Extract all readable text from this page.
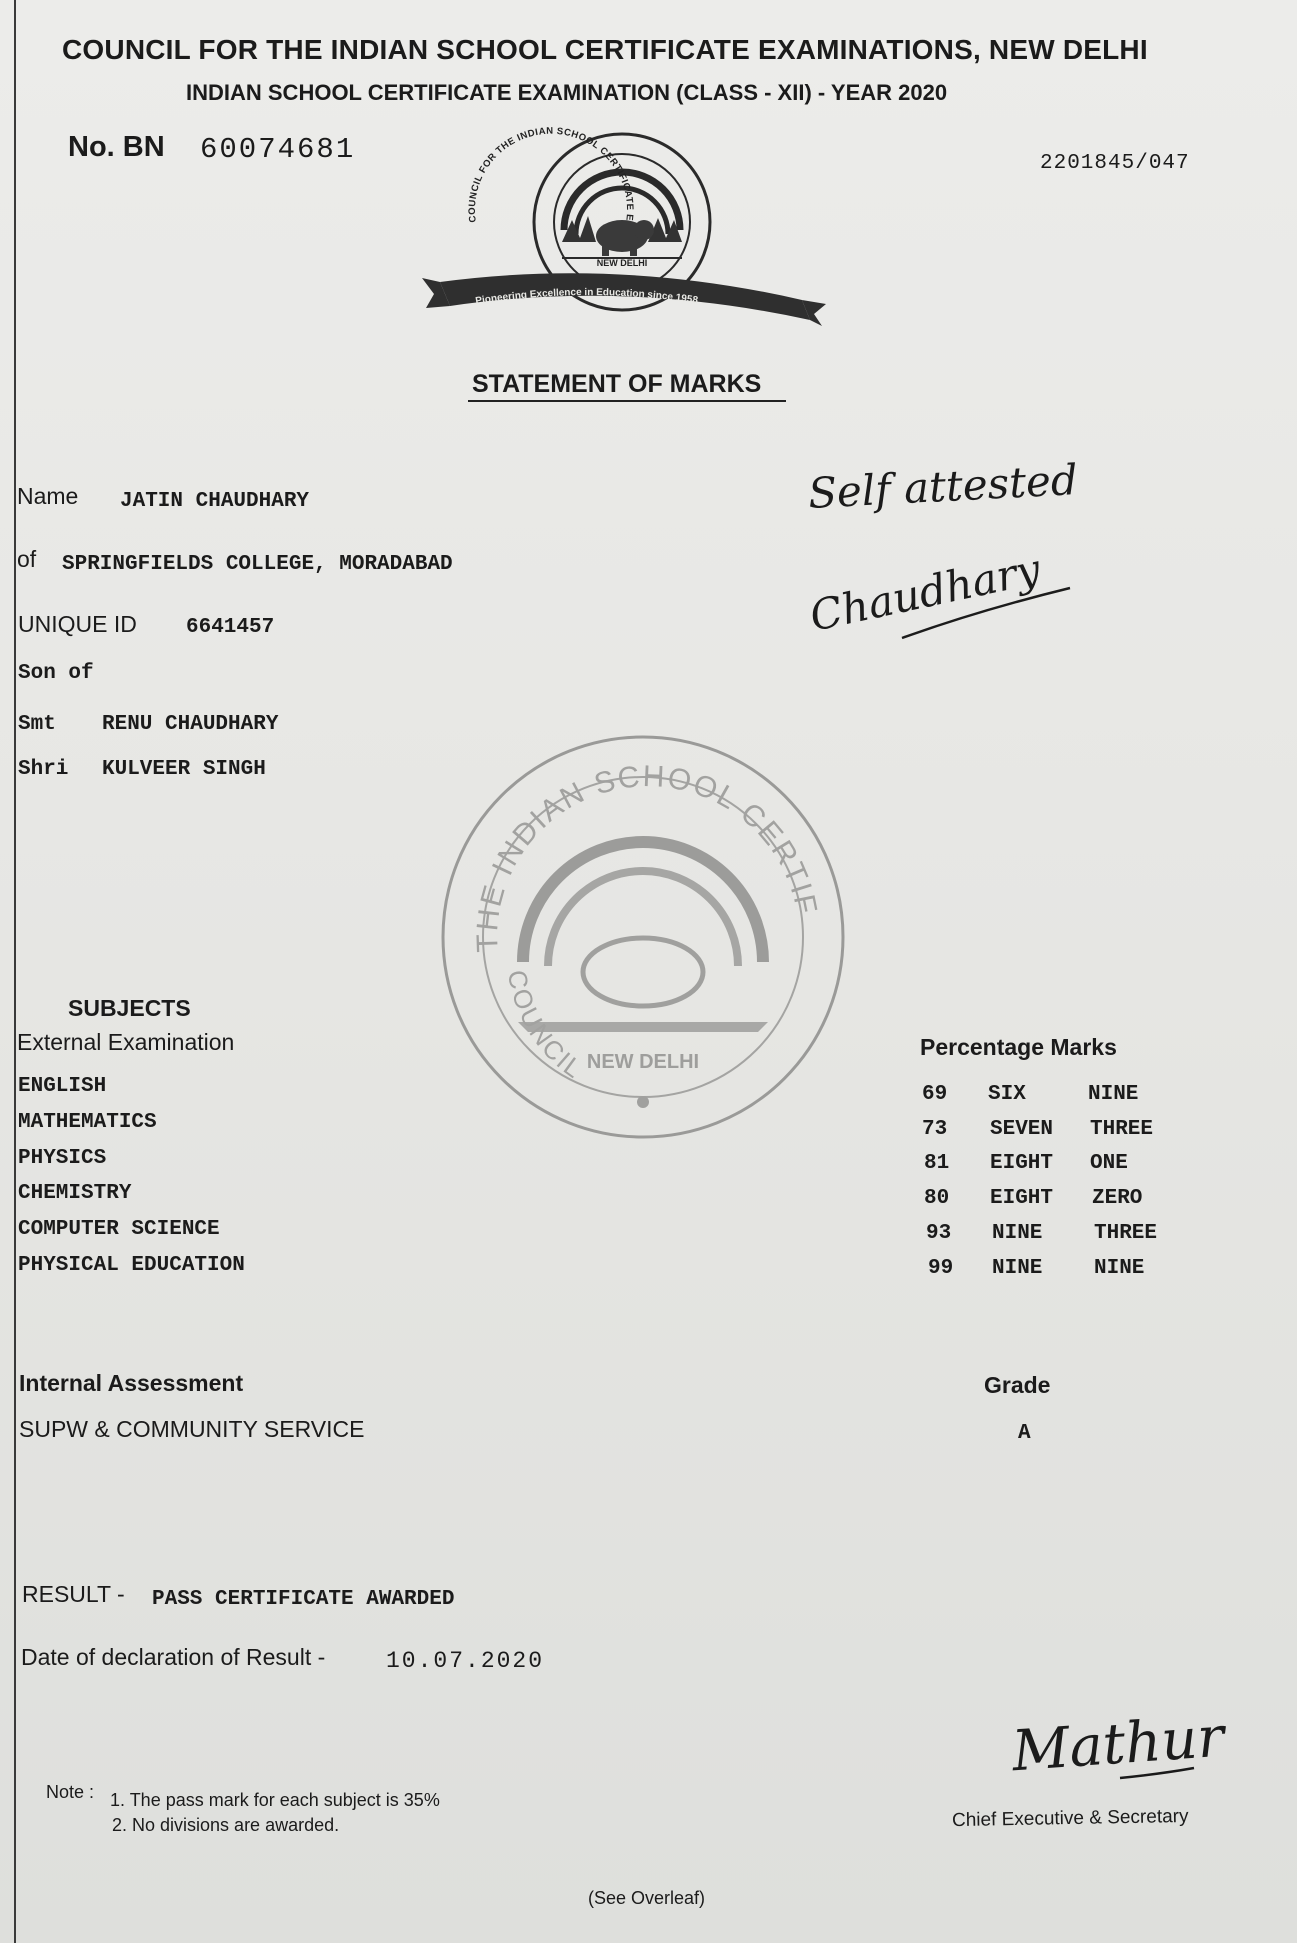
COUNCIL FOR THE INDIAN SCHOOL CERTIFICATE EXAMINATIONS, NEW DELHI
INDIAN SCHOOL CERTIFICATE EXAMINATION (CLASS - XII) - YEAR 2020
No. BN 60074681	2201845/047
NEW DELHI
COUNCIL FOR THE INDIAN SCHOOL CERTIFICATE EXAMINATIONS
Pioneering Excellence in Education since 1958
STATEMENT OF MARKS
Name JATIN CHAUDHARY
of SPRINGFIELDS COLLEGE, MORADABAD
UNIQUE ID 6641457
Son of
Smt RENU CHAUDHARY
Shri KULVEER SINGH
Self attested
Chaudhary
NEW DELHI
THE INDIAN SCHOOL CERTIFICATE EXAMINATIONS
COUNCIL
SUBJECTS
External Examination	Percentage Marks
ENGLISH	69 SIX	NINE
MATHEMATICS	73 SEVEN THREE
PHYSICS	81 EIGHT ONE
CHEMISTRY	80 EIGHT ZERO
COMPUTER SCIENCE	93 NINE THREE
PHYSICAL EDUCATION	99 NINE NINE
Internal Assessment	Grade
SUPW & COMMUNITY SERVICE	A
RESULT - PASS CERTIFICATE AWARDED
Date of declaration of Result -	10.07.2020
Note : 1. The pass mark for each subject is 35%
2. No divisions are awarded.
Mathur
Chief Executive & Secretary
(See Overleaf)
